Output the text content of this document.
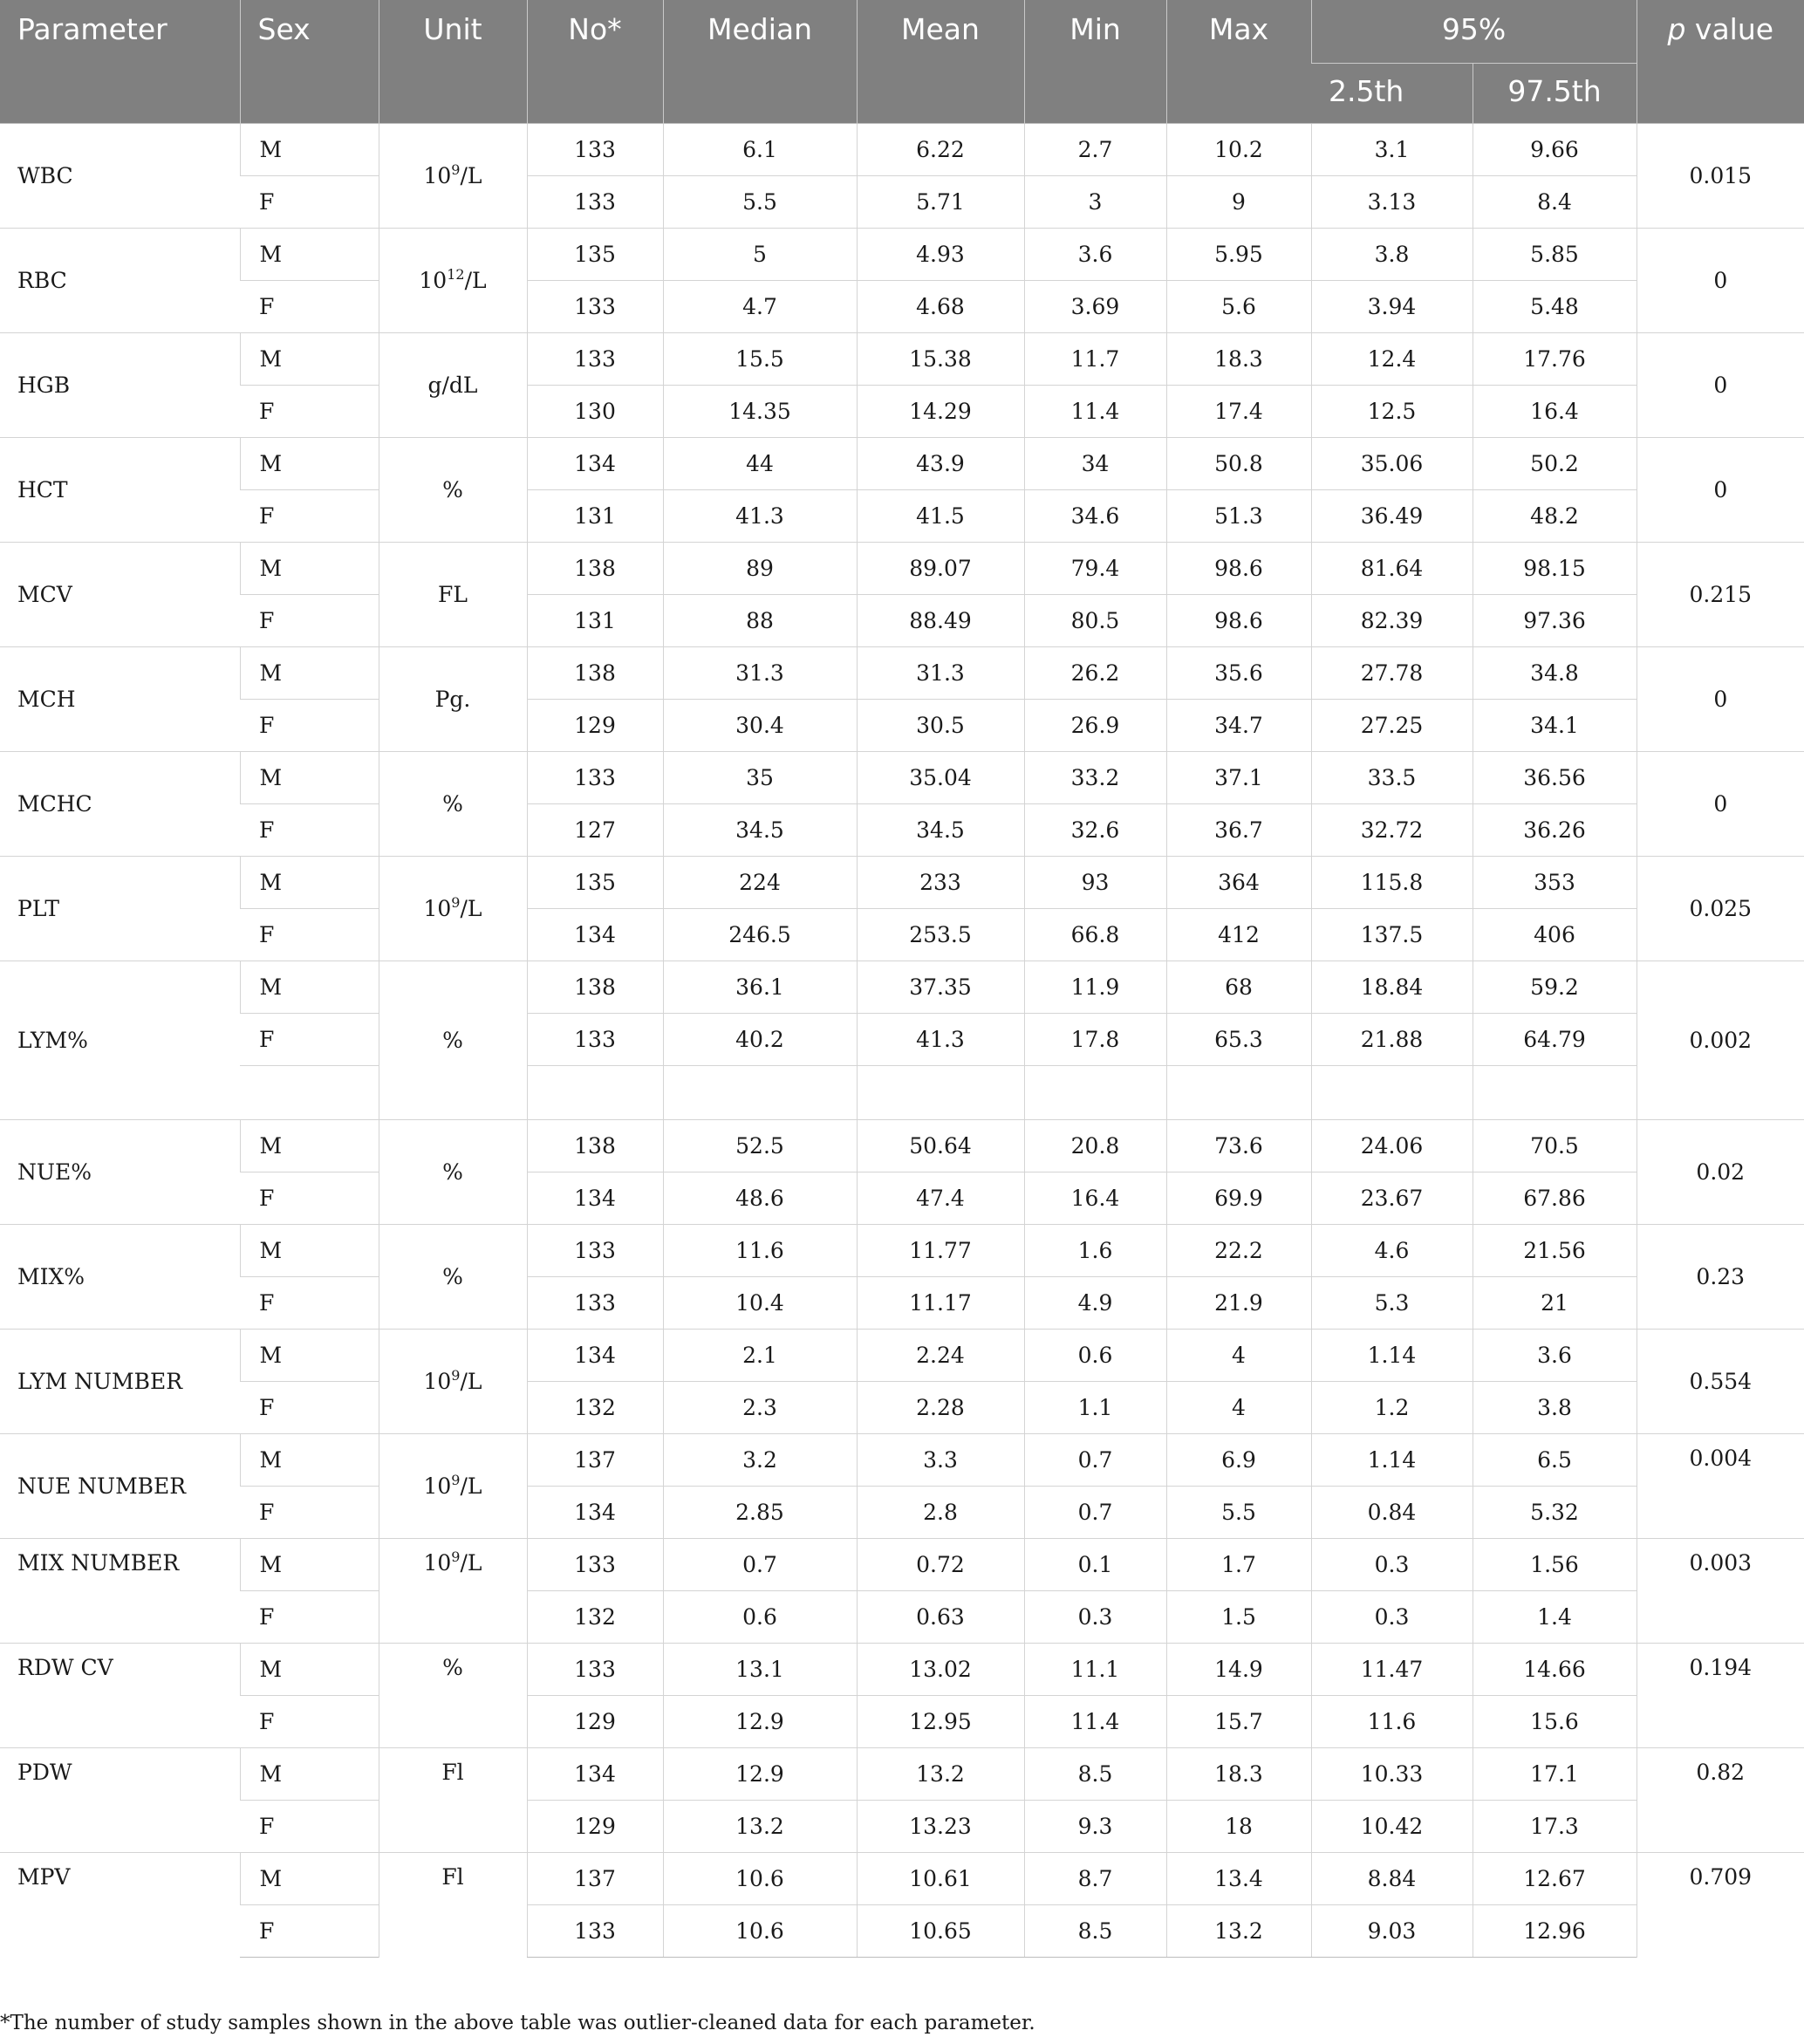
Parameter	Sex	Unit	No*	Median	Mean	Min	Max	95%		p value
								2.5th	97.5th	
WBC	M	$10^9/L$	133	6.1	6.22	2.7	10.2	3.1	9.66	0.015
	F		133	5.5	5.71	3	9	3.13	8.4	
RBC	M	$10^{12}/L$	135	5	4.93	3.6	5.95	3.8	5.85	0
	F		133	4.7	4.68	3.69	5.6	3.94	5.48	
HGB	M	g/dL	133	15.5	15.38	11.7	18.3	12.4	17.76	0
	F		130	14.35	14.29	11.4	17.4	12.5	16.4	
HCT	M	%	134	44	43.9	34	50.8	35.06	50.2	0
	F		131	41.3	41.5	34.6	51.3	36.49	48.2	
MCV	M	FL	138	89	89.07	79.4	98.6	81.64	98.15	0.215
	F		131	88	88.49	80.5	98.6	82.39	97.36	
MCH	M	Pg.	138	31.3	31.3	26.2	35.6	27.78	34.8	0
	F		129	30.4	30.5	26.9	34.7	27.25	34.1	
MCHC	M	%	133	35	35.04	33.2	37.1	33.5	36.56	0
	F		127	34.5	34.5	32.6	36.7	32.72	36.26	
PLT	M	$10^9/L$	135	224	233	93	364	115.8	353	0.025
	F		134	246.5	253.5	66.8	412	137.5	406	
LYM%	M	%	138	36.1	37.35	11.9	68	18.84	59.2	0.002
	F		133	40.2	41.3	17.8	65.3	21.88	64.79	

NUE%	M	%	138	52.5	50.64	20.8	73.6	24.06	70.5	0.02
	F		134	48.6	47.4	16.4	69.9	23.67	67.86	
MIX%	M	%	133	11.6	11.77	1.6	22.2	4.6	21.56	0.23
	F		133	10.4	11.17	4.9	21.9	5.3	21	
LYM NUMBER	M	$10^9/L$	134	2.1	2.24	0.6	4	1.14	3.6	0.554
	F		132	2.3	2.28	1.1	4	1.2	3.8	
NUE NUMBER	M	$10^9/L$	137	3.2	3.3	0.7	6.9	1.14	6.5	0.004
	F		134	2.85	2.8	0.7	5.5	0.84	5.32	
MIX NUMBER	M	$10^9/L$	133	0.7	0.72	0.1	1.7	0.3	1.56	0.003
	F		132	0.6	0.63	0.3	1.5	0.3	1.4	
RDW CV	M	%	133	13.1	13.02	11.1	14.9	11.47	14.66	0.194
	F		129	12.9	12.95	11.4	15.7	11.6	15.6	
PDW	M	Fl	134	12.9	13.2	8.5	18.3	10.33	17.1	0.82
	F		129	13.2	13.23	9.3	18	10.42	17.3	
MPV	M	Fl	137	10.6	10.61	8.7	13.4	8.84	12.67	0.709
	F		133	10.6	10.65	8.5	13.2	9.03	12.96	
*The number of study samples shown in the above table was outlier-cleaned data for each parameter.
